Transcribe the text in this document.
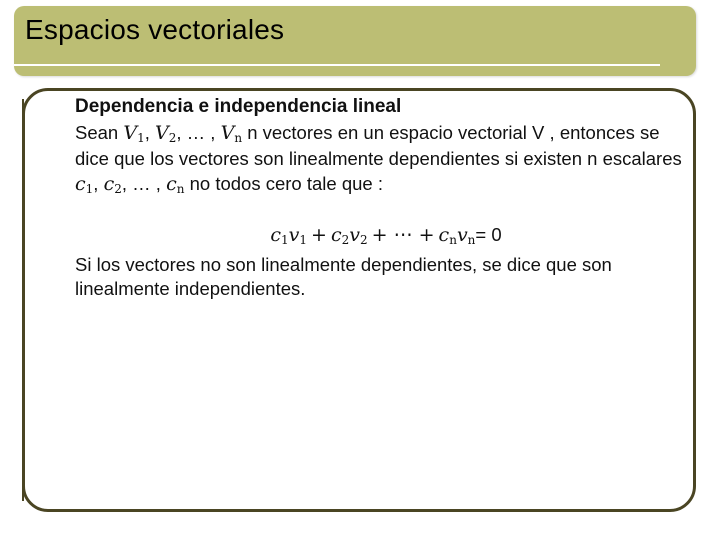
Espacios vectoriales

Dependencia e independencia lineal

Sean $V_1$, $V_2$, … , $V_n$ n vectores en un espacio vectorial V , entonces se dice que los vectores son linealmente dependientes si existen n escalares $c_1$, $c_2$, … , $c_n$ no todos cero tale que :

$c_1v_1 + c_2v_2$ + ⋯ + $c_nv_n= 0$

Si los vectores no son linealmente dependientes, se dice que son linealmente independientes.
